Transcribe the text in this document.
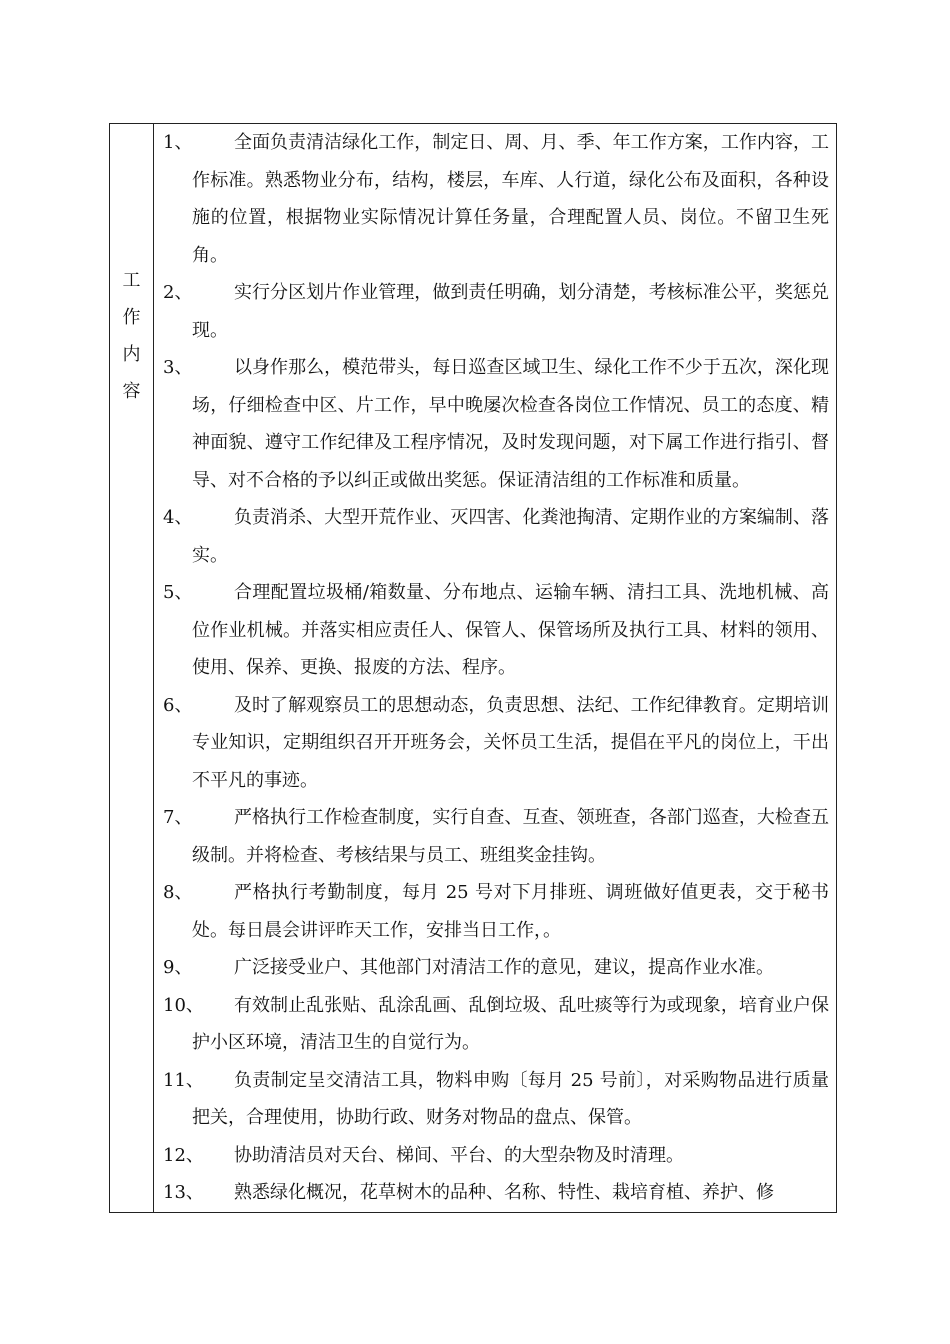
工
作
内
容
1、 全面负责清洁绿化工作，制定日、周、月、季、年工作方案，工作内容，工作标准。熟悉物业分布，结构，楼层，车库、人行道，绿化公布及面积，各种设施的位置，根据物业实际情况计算任务量，合理配置人员、岗位。不留卫生死角。
2、 实行分区划片作业管理，做到责任明确，划分清楚，考核标准公平，奖惩兑现。
3、 以身作那么，模范带头，每日巡查区域卫生、绿化工作不少于五次，深化现场，仔细检查中区、片工作，早中晚屡次检查各岗位工作情况、员工的态度、精神面貌、遵守工作纪律及工程序情况，及时发现问题，对下属工作进行指引、督导、对不合格的予以纠正或做出奖惩。保证清洁组的工作标准和质量。
4、 负责消杀、大型开荒作业、灭四害、化粪池掏清、定期作业的方案编制、落实。
5、 合理配置垃圾桶/箱数量、分布地点、运输车辆、清扫工具、洗地机械、高位作业机械。并落实相应责任人、保管人、保管场所及执行工具、材料的领用、使用、保养、更换、报废的方法、程序。
6、 及时了解观察员工的思想动态，负责思想、法纪、工作纪律教育。定期培训专业知识，定期组织召开开班务会，关怀员工生活，提倡在平凡的岗位上，干出不平凡的事迹。
7、 严格执行工作检查制度，实行自查、互查、领班查，各部门巡查，大检查五级制。并将检查、考核结果与员工、班组奖金挂钩。
8、 严格执行考勤制度，每月 25 号对下月排班、调班做好值更表，交于秘书处。每日晨会讲评昨天工作，安排当日工作，。
9、 广泛接受业户、其他部门对清洁工作的意见，建议，提高作业水准。
10、 有效制止乱张贴、乱涂乱画、乱倒垃圾、乱吐痰等行为或现象，培育业户保护小区环境，清洁卫生的自觉行为。
11、 负责制定呈交清洁工具，物料申购〔每月 25 号前〕，对采购物品进行质量把关，合理使用，协助行政、财务对物品的盘点、保管。
12、 协助清洁员对天台、梯间、平台、的大型杂物及时清理。
13、 熟悉绿化概况，花草树木的品种、名称、特性、栽培育植、养护、修
